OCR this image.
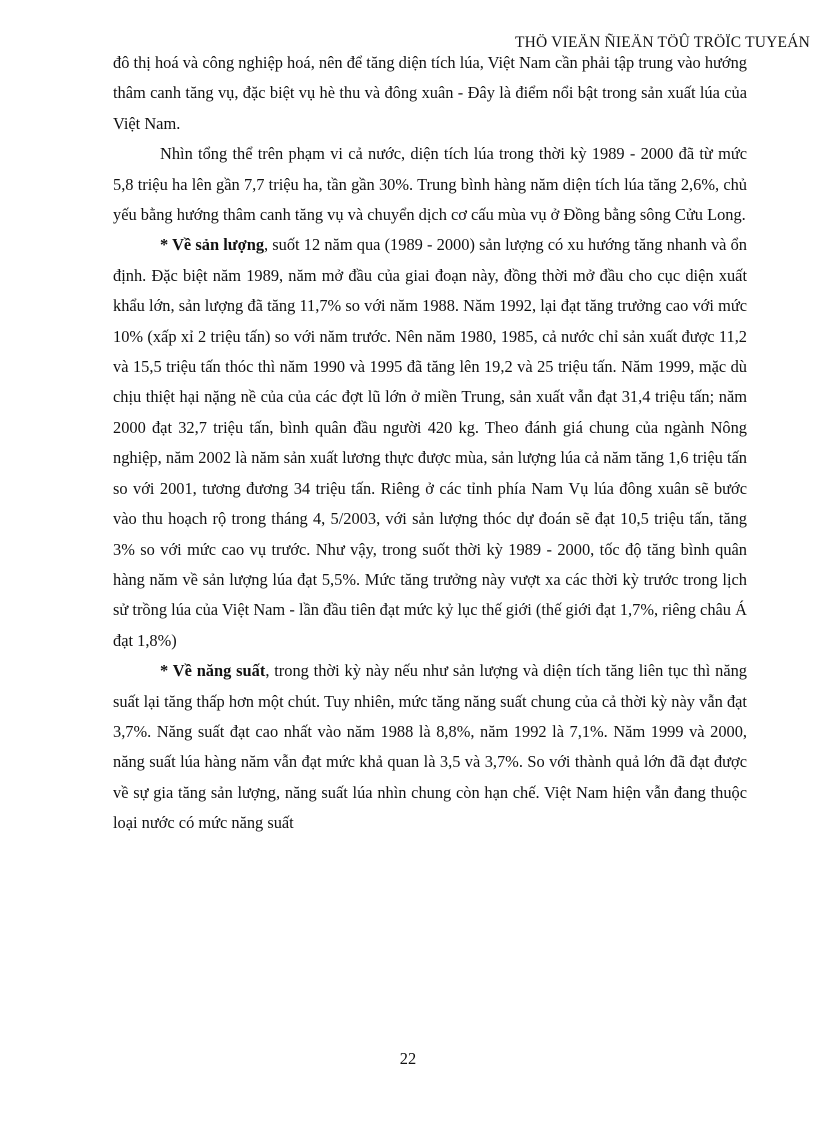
THÖ VIEÄN ÑIEÄN TÖÛ TRÖÏC TUYEÁN

đô thị hoá và công nghiệp hoá, nên để tăng diện tích lúa, Việt Nam cần phải tập trung vào hướng thâm canh tăng vụ, đặc biệt vụ hè thu và đông xuân - Đây là điểm nổi bật trong sản xuất lúa của Việt Nam.

Nhìn tổng thể trên phạm vi cả nước, diện tích lúa trong thời kỳ 1989 - 2000 đã từ mức 5,8 triệu ha lên gần 7,7 triệu ha, tần gần 30%. Trung bình hàng năm diện tích lúa tăng 2,6%, chủ yếu bằng hướng thâm canh tăng vụ và chuyển dịch cơ cấu mùa vụ ở Đồng bằng sông Cửu Long.

* Về sản lượng, suốt 12 năm qua (1989 - 2000) sản lượng có xu hướng tăng nhanh và ổn định. Đặc biệt năm 1989, năm mở đầu của giai đoạn này, đồng thời mở đầu cho cục diện xuất khẩu lớn, sản lượng đã tăng 11,7% so với năm 1988. Năm 1992, lại đạt tăng trưởng cao với mức 10% (xấp xỉ 2 triệu tấn) so với năm trước. Nên năm 1980, 1985, cả nước chỉ sản xuất được 11,2 và 15,5 triệu tấn thóc thì năm 1990 và 1995 đã tăng lên 19,2 và 25 triệu tấn. Năm 1999, mặc dù chịu thiệt hại nặng nề của của các đợt lũ lớn ở miền Trung, sản xuất vẫn đạt 31,4 triệu tấn; năm 2000 đạt 32,7 triệu tấn, bình quân đầu người 420 kg. Theo đánh giá chung của ngành Nông nghiệp, năm 2002 là năm sản xuất lương thực được mùa, sản lượng lúa cả năm tăng 1,6 triệu tấn so với 2001, tương đương 34 triệu tấn. Riêng ở các tỉnh phía Nam Vụ lúa đông xuân sẽ bước vào thu hoạch rộ trong tháng 4, 5/2003, với sản lượng thóc dự đoán sẽ đạt 10,5 triệu tấn, tăng 3% so với mức cao vụ trước. Như vậy, trong suốt thời kỳ 1989 - 2000, tốc độ tăng bình quân hàng năm về sản lượng lúa đạt 5,5%. Mức tăng trưởng này vượt xa các thời kỳ trước trong lịch sử trồng lúa của Việt Nam - lần đầu tiên đạt mức kỷ lục thế giới (thế giới đạt 1,7%, riêng châu Á đạt 1,8%)

* Về năng suất, trong thời kỳ này nếu như sản lượng và diện tích tăng liên tục thì năng suất lại tăng thấp hơn một chút. Tuy nhiên, mức tăng năng suất chung của cả thời kỳ này vẫn đạt 3,7%. Năng suất đạt cao nhất vào năm 1988 là 8,8%, năm 1992 là 7,1%. Năm 1999 và 2000, năng suất lúa hàng năm vẫn đạt mức khả quan là 3,5 và 3,7%. So với thành quả lớn đã đạt được về sự gia tăng sản lượng, năng suất lúa nhìn chung còn hạn chế. Việt Nam hiện vẫn đang thuộc loại nước có mức năng suất

22
